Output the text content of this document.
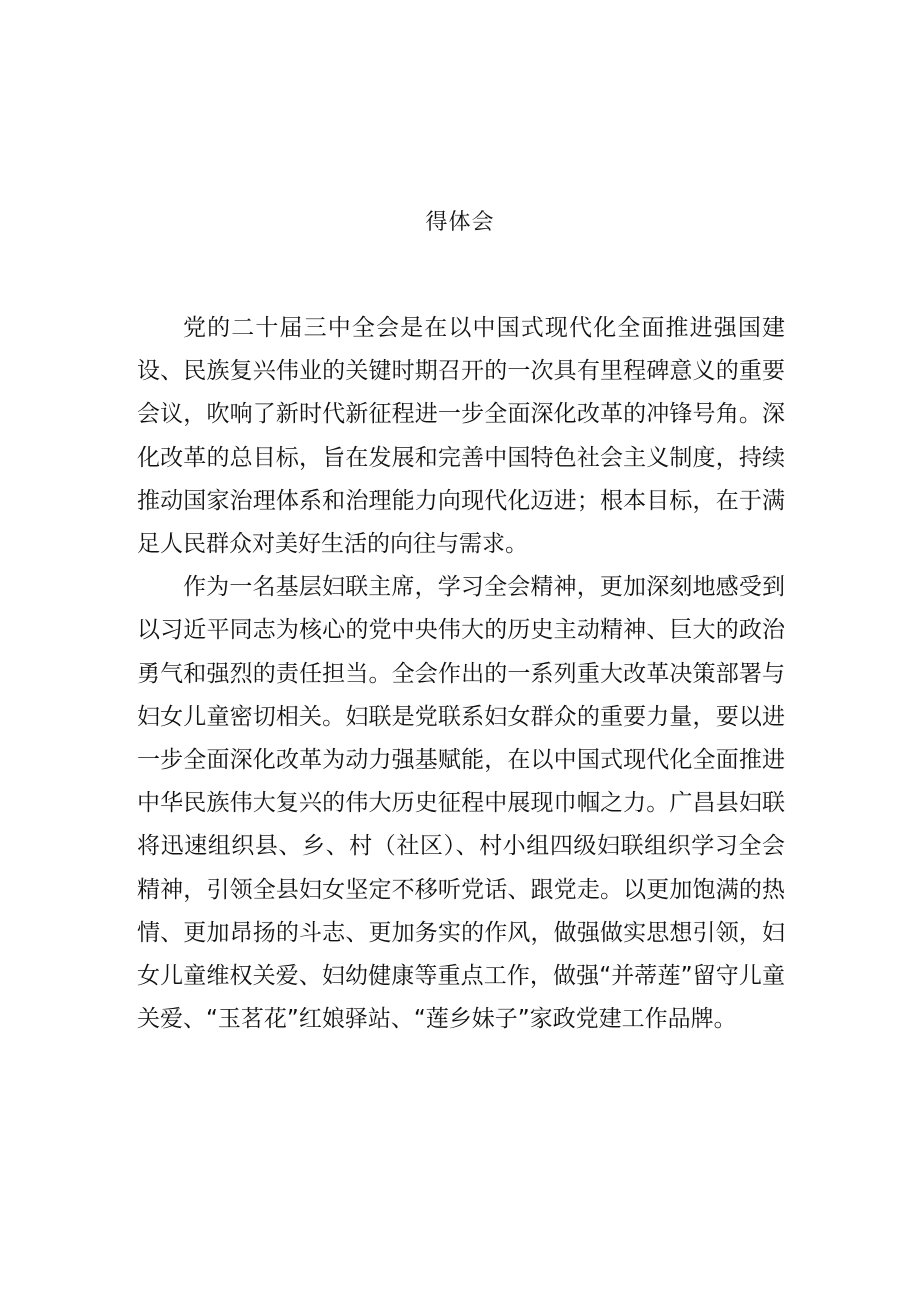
得体会

党的二十届三中全会是在以中国式现代化全面推进强国建设、民族复兴伟业的关键时期召开的一次具有里程碑意义的重要会议，吹响了新时代新征程进一步全面深化改革的冲锋号角。深化改革的总目标，旨在发展和完善中国特色社会主义制度，持续推动国家治理体系和治理能力向现代化迈进；根本目标，在于满足人民群众对美好生活的向往与需求。

作为一名基层妇联主席，学习全会精神，更加深刻地感受到以习近平同志为核心的党中央伟大的历史主动精神、巨大的政治勇气和强烈的责任担当。全会作出的一系列重大改革决策部署与妇女儿童密切相关。妇联是党联系妇女群众的重要力量，要以进一步全面深化改革为动力强基赋能，在以中国式现代化全面推进中华民族伟大复兴的伟大历史征程中展现巾帼之力。广昌县妇联将迅速组织县、乡、村（社区）、村小组四级妇联组织学习全会精神，引领全县妇女坚定不移听党话、跟党走。以更加饱满的热情、更加昂扬的斗志、更加务实的作风，做强做实思想引领，妇女儿童维权关爱、妇幼健康等重点工作，做强“并蒂莲”留守儿童关爱、“玉茗花”红娘驿站、“莲乡妹子”家政党建工作品牌。
